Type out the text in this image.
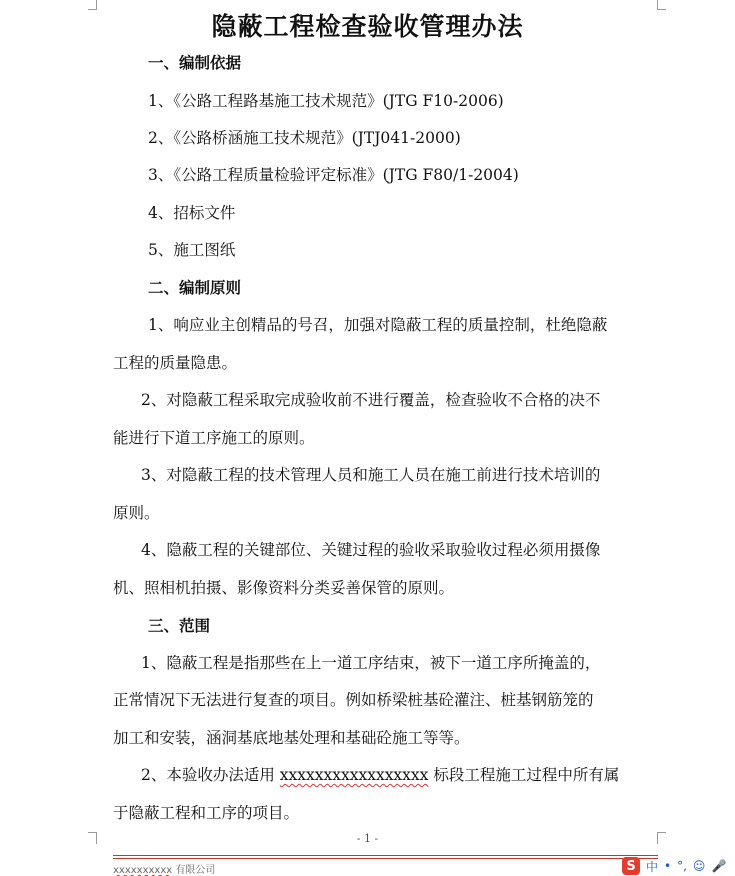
隐蔽工程检查验收管理办法
一、编制依据
1、《公路工程路基施工技术规范》(JTG F10-2006)
2、《公路桥涵施工技术规范》(JTJ041-2000)
3、《公路工程质量检验评定标准》(JTG F80/1-2004)
4、招标文件
5、施工图纸
二、编制原则
1、响应业主创精品的号召，加强对隐蔽工程的质量控制，杜绝隐蔽
工程的质量隐患。
2、对隐蔽工程采取完成验收前不进行覆盖，检查验收不合格的决不
能进行下道工序施工的原则。
3、对隐蔽工程的技术管理人员和施工人员在施工前进行技术培训的
原则。
4、隐蔽工程的关键部位、关键过程的验收采取验收过程必须用摄像
机、照相机拍摄、影像资料分类妥善保管的原则。
三、范围
1、隐蔽工程是指那些在上一道工序结束，被下一道工序所掩盖的，
正常情况下无法进行复查的项目。例如桥梁桩基砼灌注、桩基钢筋笼的
加工和安装，涵洞基底地基处理和基础砼施工等等。
2、本验收办法适用 xxxxxxxxxxxxxxxxx 标段工程施工过程中所有属
于隐蔽工程和工序的项目。
- 1 -
xxxxxxxxxx 有限公司	S 中 • °, ☺ 🎤
